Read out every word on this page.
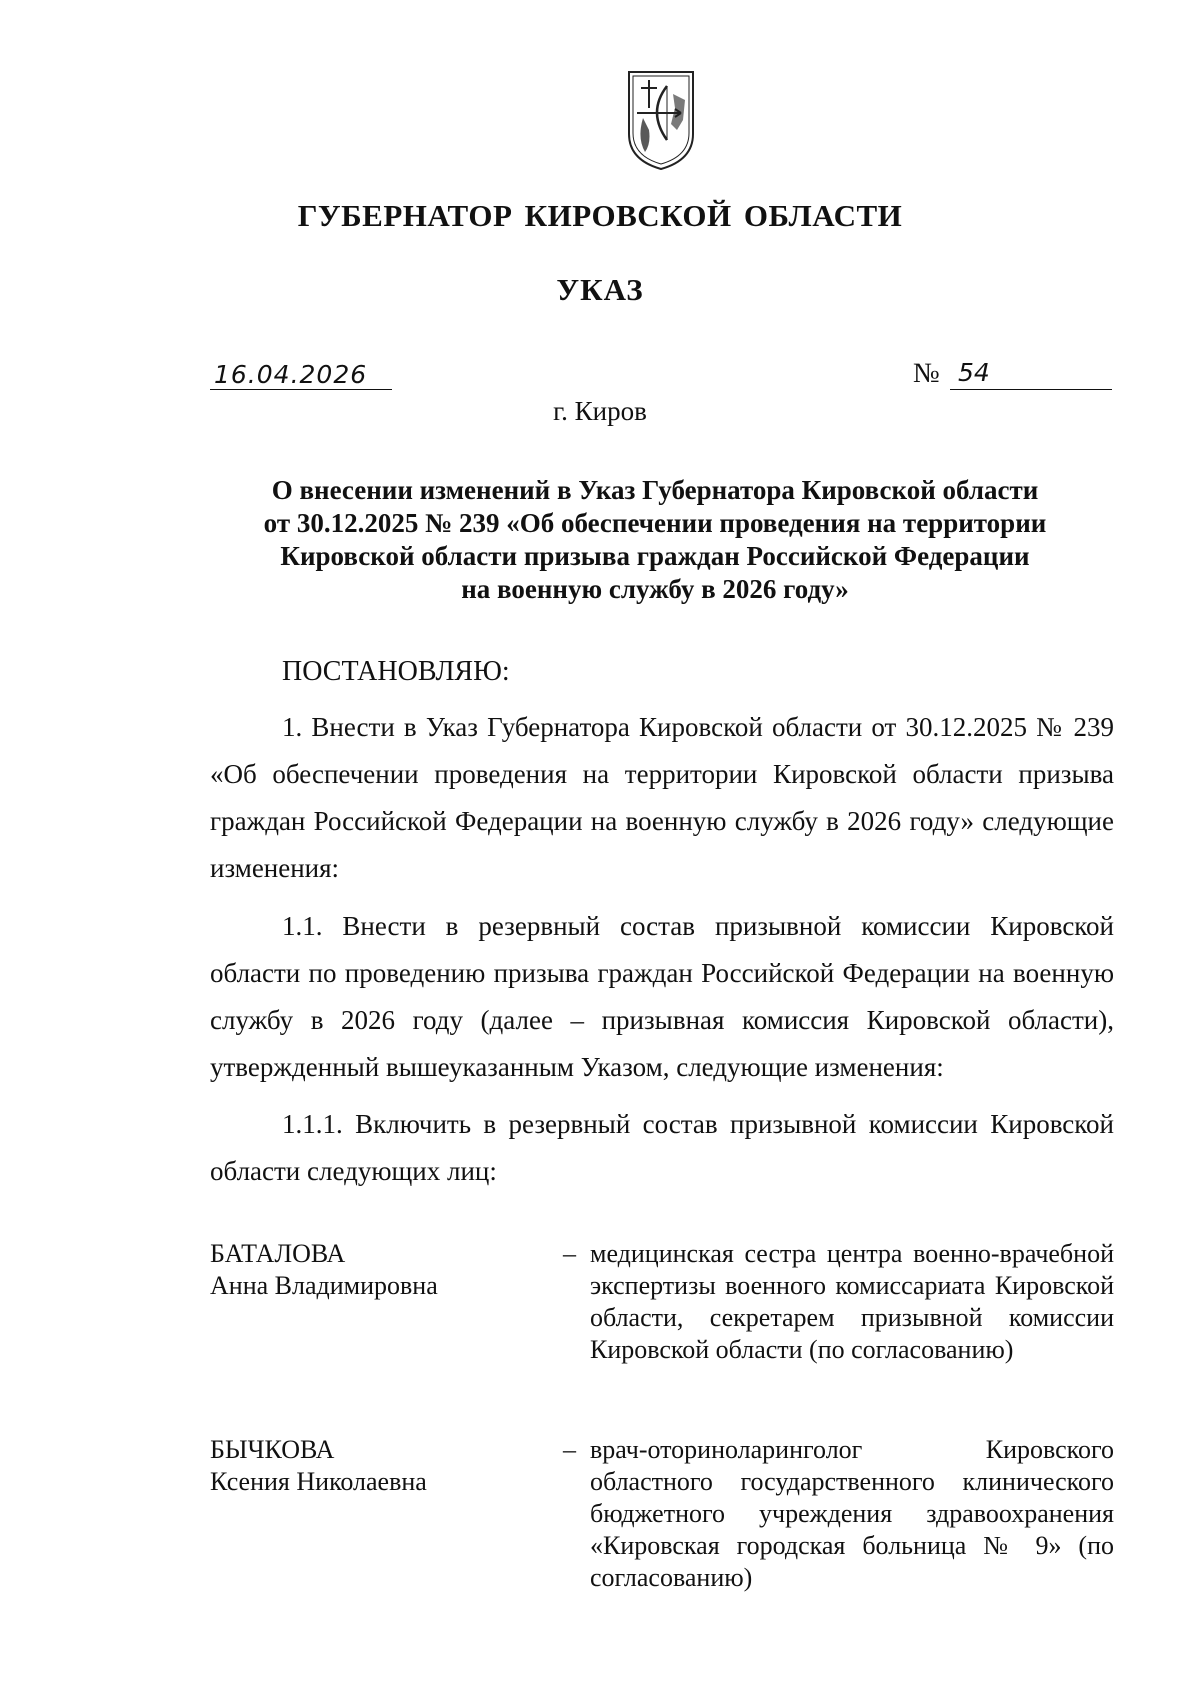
ГУБЕРНАТОР КИРОВСКОЙ ОБЛАСТИ
УКАЗ
16.04.2026	№ 54
г. Киров
О внесении изменений в Указ Губернатора Кировской области
от 30.12.2025 № 239 «Об обеспечении проведения на территории
Кировской области призыва граждан Российской Федерации
на военную службу в 2026 году»
ПОСТАНОВЛЯЮ:
1. Внести в Указ Губернатора Кировской области от 30.12.2025 № 239 «Об обеспечении проведения на территории Кировской области призыва граждан Российской Федерации на военную службу в 2026 году» следующие изменения:
1.1. Внести в резервный состав призывной комиссии Кировской области по проведению призыва граждан Российской Федерации на военную службу в 2026 году (далее – призывная комиссия Кировской области), утвержденный вышеуказанным Указом, следующие изменения:
1.1.1. Включить в резервный состав призывной комиссии Кировской области следующих лиц:
БАТАЛОВА
Анна Владимировна
– медицинская сестра центра военно-врачебной экспертизы военного комиссариата Кировской области, секретарем призывной комиссии Кировской области (по согласованию)
БЫЧКОВА
Ксения Николаевна
– врач-оториноларинголог Кировского областного государственного клинического бюджетного учреждения здравоохранения «Кировская городская больница № 9» (по согласованию)
